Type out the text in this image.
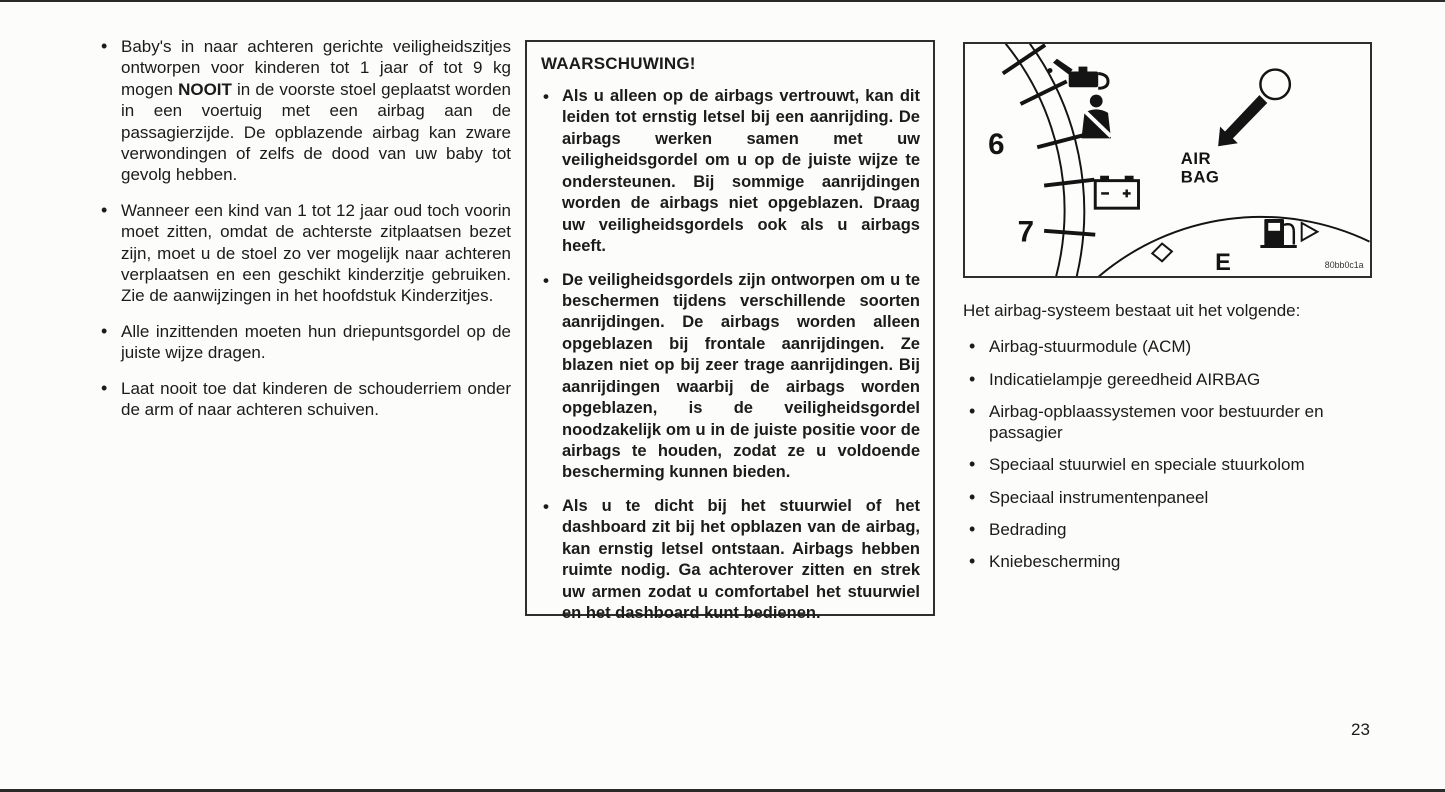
• Baby's in naar achteren gerichte veiligheidszitjes ontworpen voor kinderen tot 1 jaar of tot 9 kg mogen NOOIT in de voorste stoel geplaatst worden in een voertuig met een airbag aan de passagierzijde. De opblazende airbag kan zware verwondingen of zelfs de dood van uw baby tot gevolg hebben.
• Wanneer een kind van 1 tot 12 jaar oud toch voorin moet zitten, omdat de achterste zitplaatsen bezet zijn, moet u de stoel zo ver mogelijk naar achteren verplaatsen en een geschikt kinderzitje gebruiken. Zie de aanwijzingen in het hoofdstuk Kinderzitjes.
• Alle inzittenden moeten hun driepuntsgordel op de juiste wijze dragen.
• Laat nooit toe dat kinderen de schouderriem onder de arm of naar achteren schuiven.
WAARSCHUWING!
• Als u alleen op de airbags vertrouwt, kan dit leiden tot ernstig letsel bij een aanrijding. De airbags werken samen met uw veiligheidsgordel om u op de juiste wijze te ondersteunen. Bij sommige aanrijdingen worden de airbags niet opgeblazen. Draag uw veiligheidsgordels ook als u airbags heeft.
• De veiligheidsgordels zijn ontworpen om u te beschermen tijdens verschillende soorten aanrijdingen. De airbags worden alleen opgeblazen bij frontale aanrijdingen. Ze blazen niet op bij zeer trage aanrijdingen. Bij aanrijdingen waarbij de airbags worden opgeblazen, is de veiligheidsgordel noodzakelijk om u in de juiste positie voor de airbags te houden, zodat ze u voldoende bescherming kunnen bieden.
• Als u te dicht bij het stuurwiel of het dashboard zit bij het opblazen van de airbag, kan ernstig letsel ontstaan. Airbags hebben ruimte nodig. Ga achterover zitten en strek uw armen zodat u comfortabel het stuurwiel en het dashboard kunt bedienen.
6
7
AIR
BAG
E	80bb0c1a

Het airbag-systeem bestaat uit het volgende:

• Airbag-stuurmodule (ACM)
• Indicatielampje gereedheid AIRBAG
• Airbag-opblaassystemen voor bestuurder en passagier
• Speciaal stuurwiel en speciale stuurkolom
• Speciaal instrumentenpaneel
• Bedrading
• Kniebescherming
23
